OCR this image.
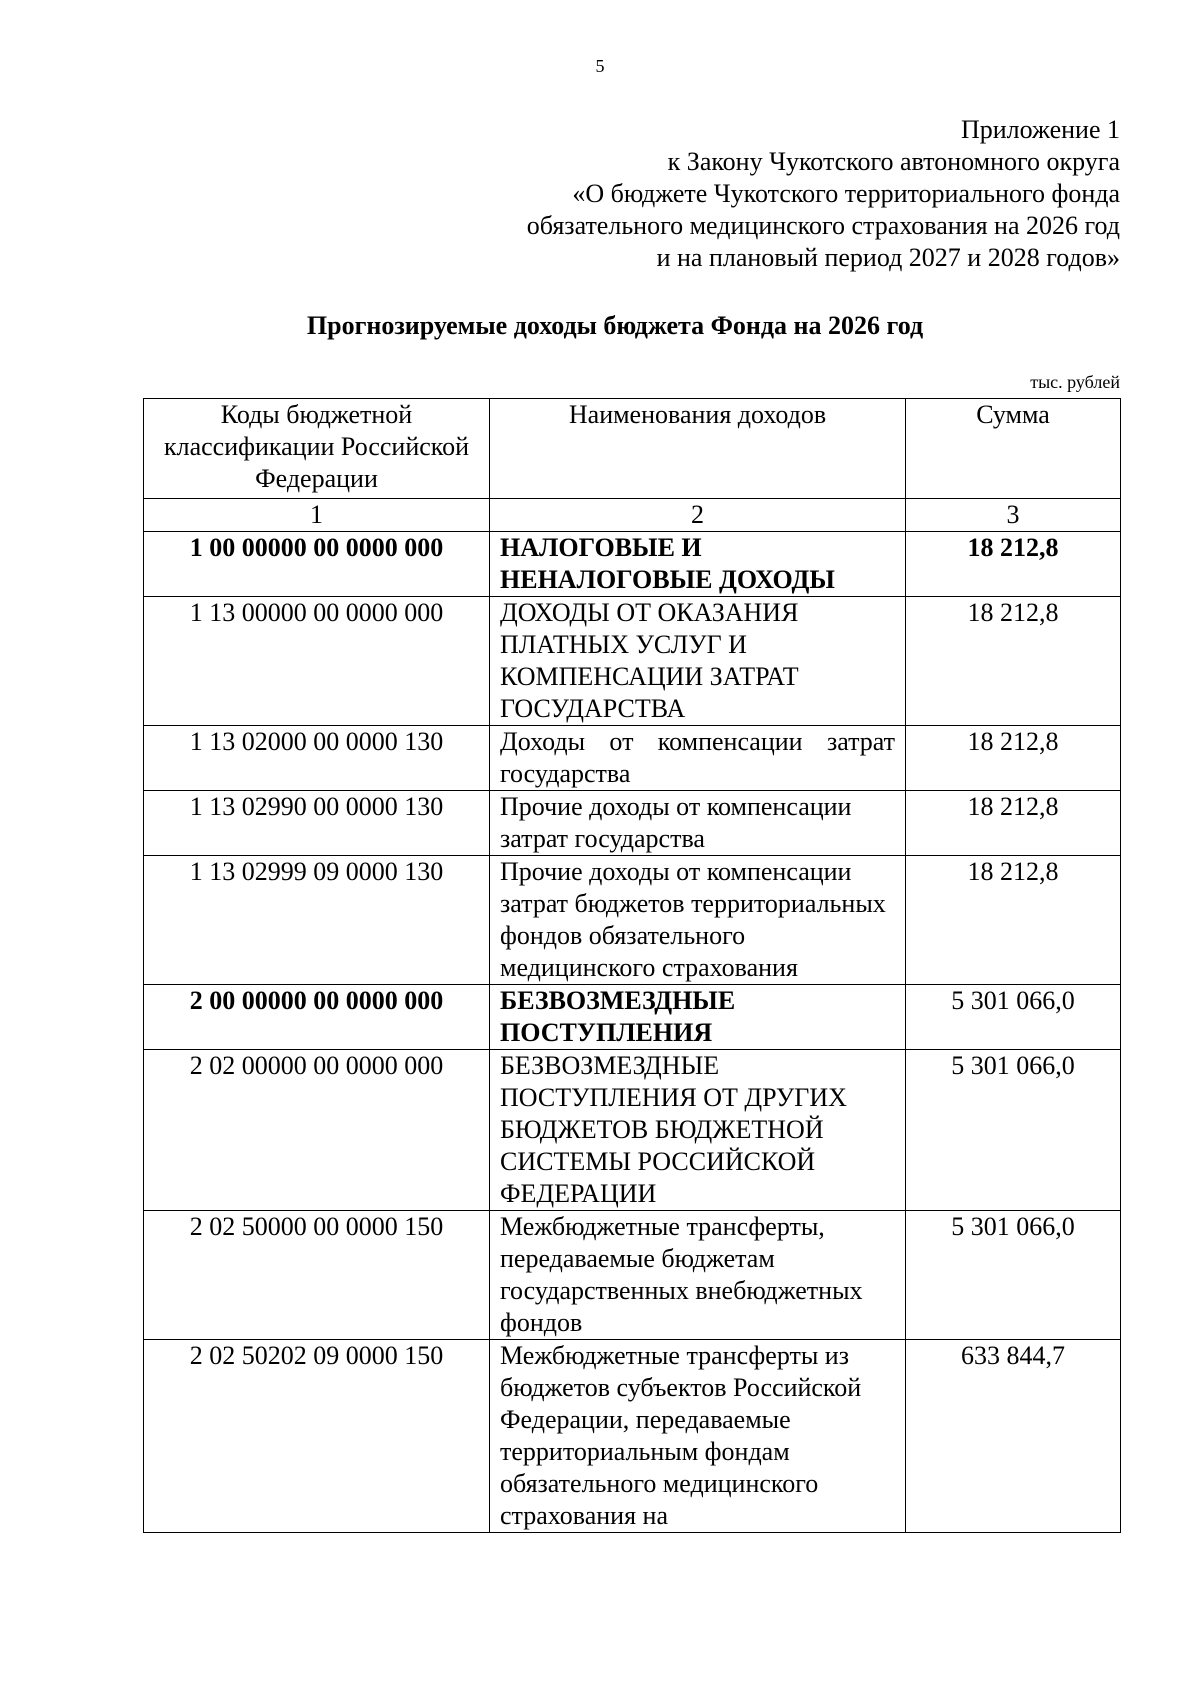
5
Приложение 1
к Закону Чукотского автономного округа
«О бюджете Чукотского территориального фонда
обязательного медицинского страхования на 2026 год
и на плановый период 2027 и 2028 годов»
Прогнозируемые доходы бюджета Фонда на 2026 год
тыс. рублей
Коды бюджетной классификации Российской Федерации	Наименования доходов	Сумма
1	2	3
1 00 00000 00 0000 000	НАЛОГОВЫЕ И НЕНАЛОГОВЫЕ ДОХОДЫ	18 212,8
1 13 00000 00 0000 000	ДОХОДЫ ОТ ОКАЗАНИЯ ПЛАТНЫХ УСЛУГ И КОМПЕНСАЦИИ ЗАТРАТ ГОСУДАРСТВА	18 212,8
1 13 02000 00 0000 130	Доходы от компенсации затрат государства	18 212,8
1 13 02990 00 0000 130	Прочие доходы от компенсации затрат государства	18 212,8
1 13 02999 09 0000 130	Прочие доходы от компенсации затрат бюджетов территориальных фондов обязательного медицинского страхования	18 212,8
2 00 00000 00 0000 000	БЕЗВОЗМЕЗДНЫЕ ПОСТУПЛЕНИЯ	5 301 066,0
2 02 00000 00 0000 000	БЕЗВОЗМЕЗДНЫЕ ПОСТУПЛЕНИЯ ОТ ДРУГИХ БЮДЖЕТОВ БЮДЖЕТНОЙ СИСТЕМЫ РОССИЙСКОЙ ФЕДЕРАЦИИ	5 301 066,0
2 02 50000 00 0000 150	Межбюджетные трансферты, передаваемые бюджетам государственных внебюджетных фондов	5 301 066,0
2 02 50202 09 0000 150	Межбюджетные трансферты из бюджетов субъектов Российской Федерации, передаваемые территориальным фондам обязательного медицинского страхования на	633 844,7
